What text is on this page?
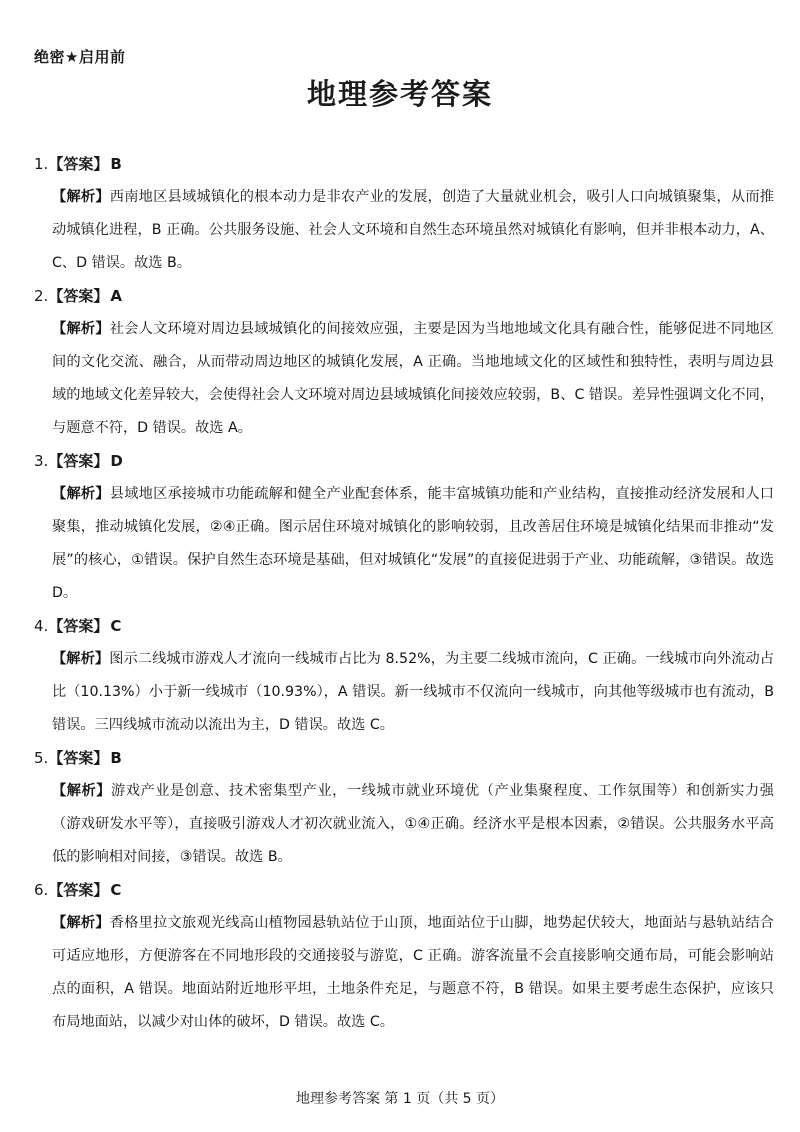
绝密★启用前
地理参考答案
1.【答案】 B

【解析】西南地区县域城镇化的根本动力是非农产业的发展，创造了大量就业机会，吸引人口向城镇聚集，从而推动城镇化进程，B 正确。公共服务设施、社会人文环境和自然生态环境虽然对城镇化有影响，但并非根本动力，A、C、D 错误。故选 B。

2.【答案】 A

【解析】社会人文环境对周边县域城镇化的间接效应强，主要是因为当地地域文化具有融合性，能够促进不同地区间的文化交流、融合，从而带动周边地区的城镇化发展，A 正确。当地地域文化的区域性和独特性，表明与周边县域的地域文化差异较大，会使得社会人文环境对周边县域城镇化间接效应较弱，B、C 错误。差异性强调文化不同，与题意不符，D 错误。故选 A。

3.【答案】 D

【解析】县域地区承接城市功能疏解和健全产业配套体系，能丰富城镇功能和产业结构，直接推动经济发展和人口聚集，推动城镇化发展，②④正确。图示居住环境对城镇化的影响较弱，且改善居住环境是城镇化结果而非推动“发展”的核心，①错误。保护自然生态环境是基础，但对城镇化“发展”的直接促进弱于产业、功能疏解，③错误。故选 D。

4.【答案】 C

【解析】图示二线城市游戏人才流向一线城市占比为 8.52%，为主要二线城市流向，C 正确。一线城市向外流动占比（10.13%）小于新一线城市（10.93%），A 错误。新一线城市不仅流向一线城市，向其他等级城市也有流动，B 错误。三四线城市流动以流出为主，D 错误。故选 C。

5.【答案】 B

【解析】游戏产业是创意、技术密集型产业，一线城市就业环境优（产业集聚程度、工作氛围等）和创新实力强（游戏研发水平等），直接吸引游戏人才初次就业流入，①④正确。经济水平是根本因素，②错误。公共服务水平高低的影响相对间接，③错误。故选 B。

6.【答案】 C

【解析】香格里拉文旅观光线高山植物园悬轨站位于山顶，地面站位于山脚，地势起伏较大，地面站与悬轨站结合可适应地形，方便游客在不同地形段的交通接驳与游览，C 正确。游客流量不会直接影响交通布局，可能会影响站点的面积，A 错误。地面站附近地形平坦，土地条件充足，与题意不符，B 错误。如果主要考虑生态保护，应该只布局地面站，以减少对山体的破坏，D 错误。故选 C。

地理参考答案 第 1 页（共 5 页）
